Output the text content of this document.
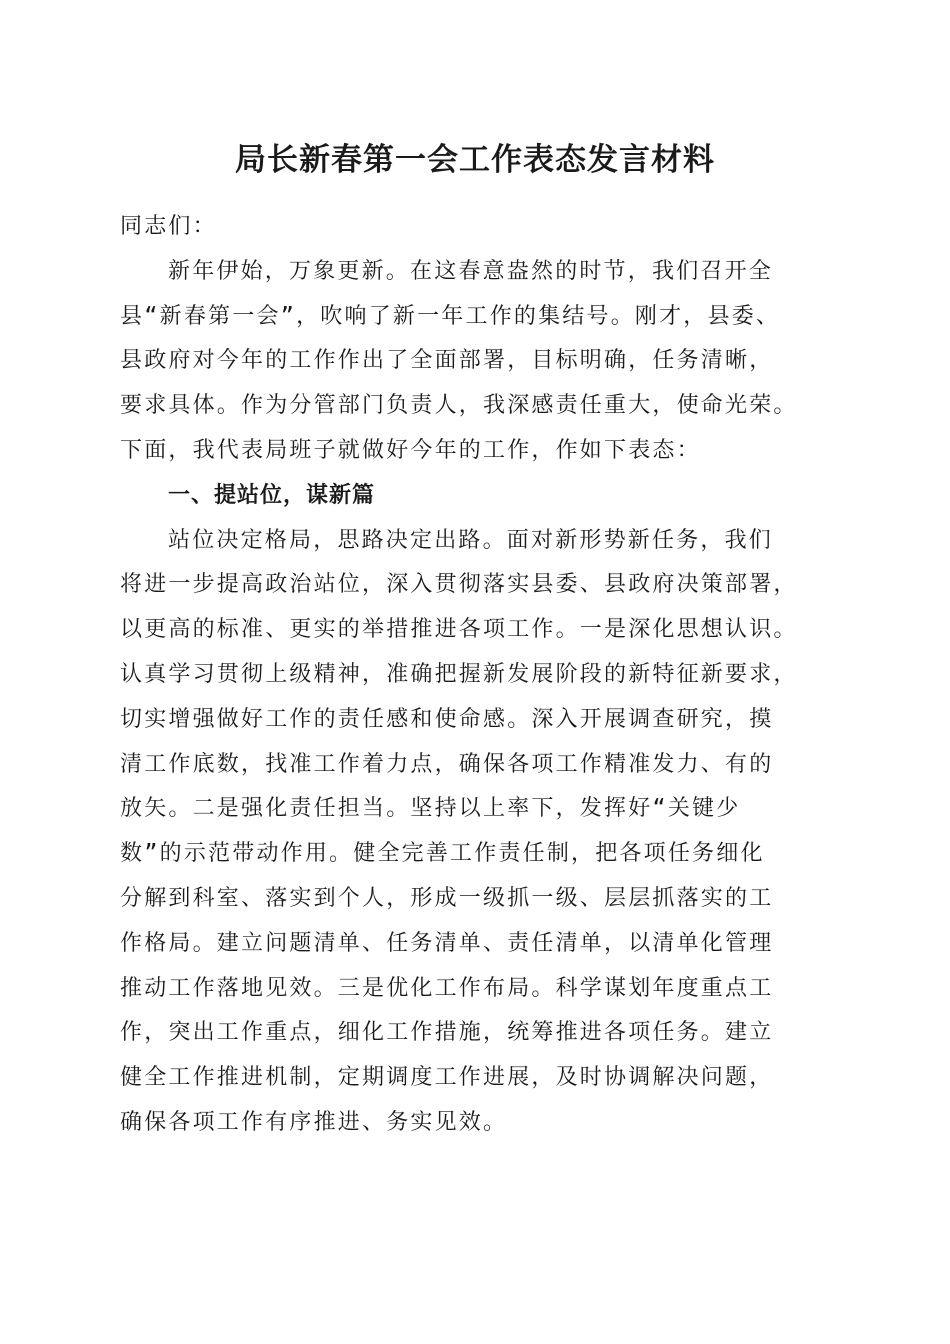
局长新春第一会工作表态发言材料
同志们：
新年伊始，万象更新。在这春意盎然的时节，我们召开全
县“新春第一会”，吹响了新一年工作的集结号。刚才，县委、
县政府对今年的工作作出了全面部署，目标明确，任务清晰，
要求具体。作为分管部门负责人，我深感责任重大，使命光荣。
下面，我代表局班子就做好今年的工作，作如下表态：
一、提站位，谋新篇
站位决定格局，思路决定出路。面对新形势新任务，我们
将进一步提高政治站位，深入贯彻落实县委、县政府决策部署，
以更高的标准、更实的举措推进各项工作。一是深化思想认识。
认真学习贯彻上级精神，准确把握新发展阶段的新特征新要求，
切实增强做好工作的责任感和使命感。深入开展调查研究，摸
清工作底数，找准工作着力点，确保各项工作精准发力、有的
放矢。二是强化责任担当。坚持以上率下，发挥好“关键少
数”的示范带动作用。健全完善工作责任制，把各项任务细化
分解到科室、落实到个人，形成一级抓一级、层层抓落实的工
作格局。建立问题清单、任务清单、责任清单，以清单化管理
推动工作落地见效。三是优化工作布局。科学谋划年度重点工
作，突出工作重点，细化工作措施，统筹推进各项任务。建立
健全工作推进机制，定期调度工作进展，及时协调解决问题，
确保各项工作有序推进、务实见效。
